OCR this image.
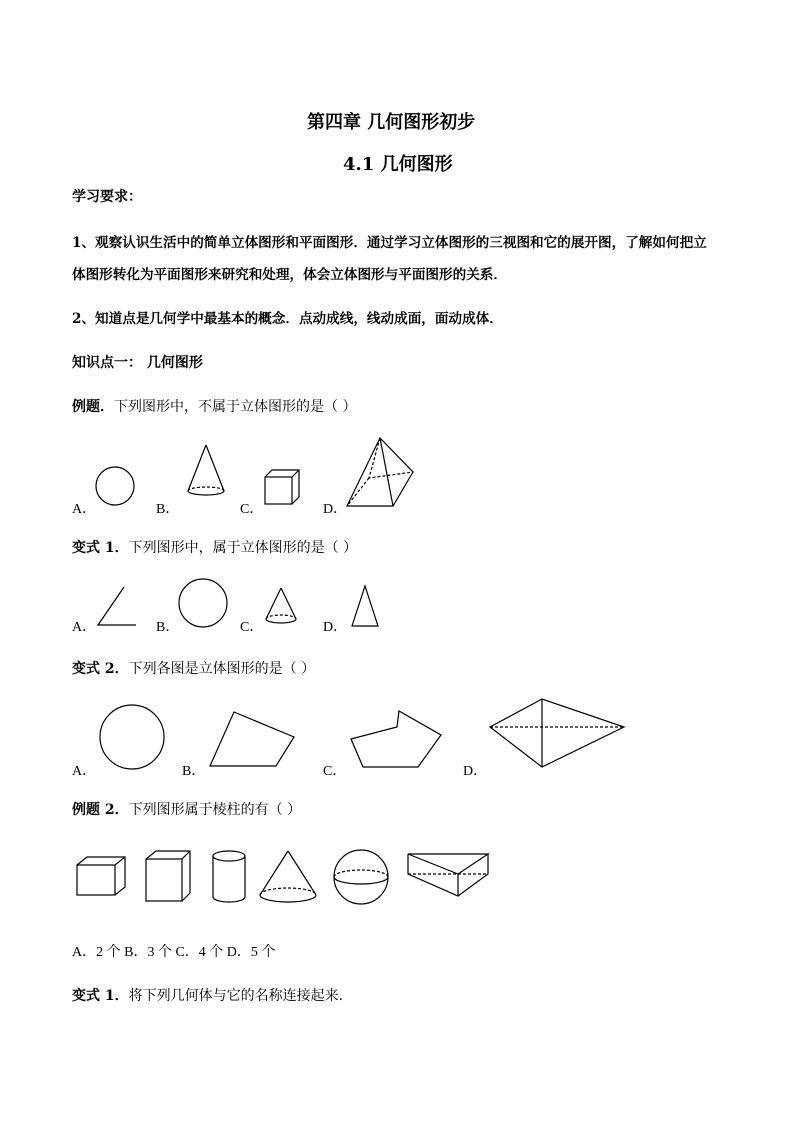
第四章 几何图形初步
4.1 几何图形
学习要求：
1、观察认识生活中的简单立体图形和平面图形．通过学习立体图形的三视图和它的展开图，了解如何把立
体图形转化为平面图形来研究和处理，体会立体图形与平面图形的关系．
2、知道点是几何学中最基本的概念．点动成线，线动成面，面动成体．
知识点一： 几何图形
例题．下列图形中，不属于立体图形的是（ ）
A．	B．	C．	D．
变式 1．下列图形中，属于立体图形的是（ ）
A．	B．	C．	D．
变式 2．下列各图是立体图形的是（ ）
A．	B．	C．	D．
例题 2．下列图形属于棱柱的有（ ）
A．2 个 B．3 个 C．4 个 D．5 个
变式 1．将下列几何体与它的名称连接起来．
